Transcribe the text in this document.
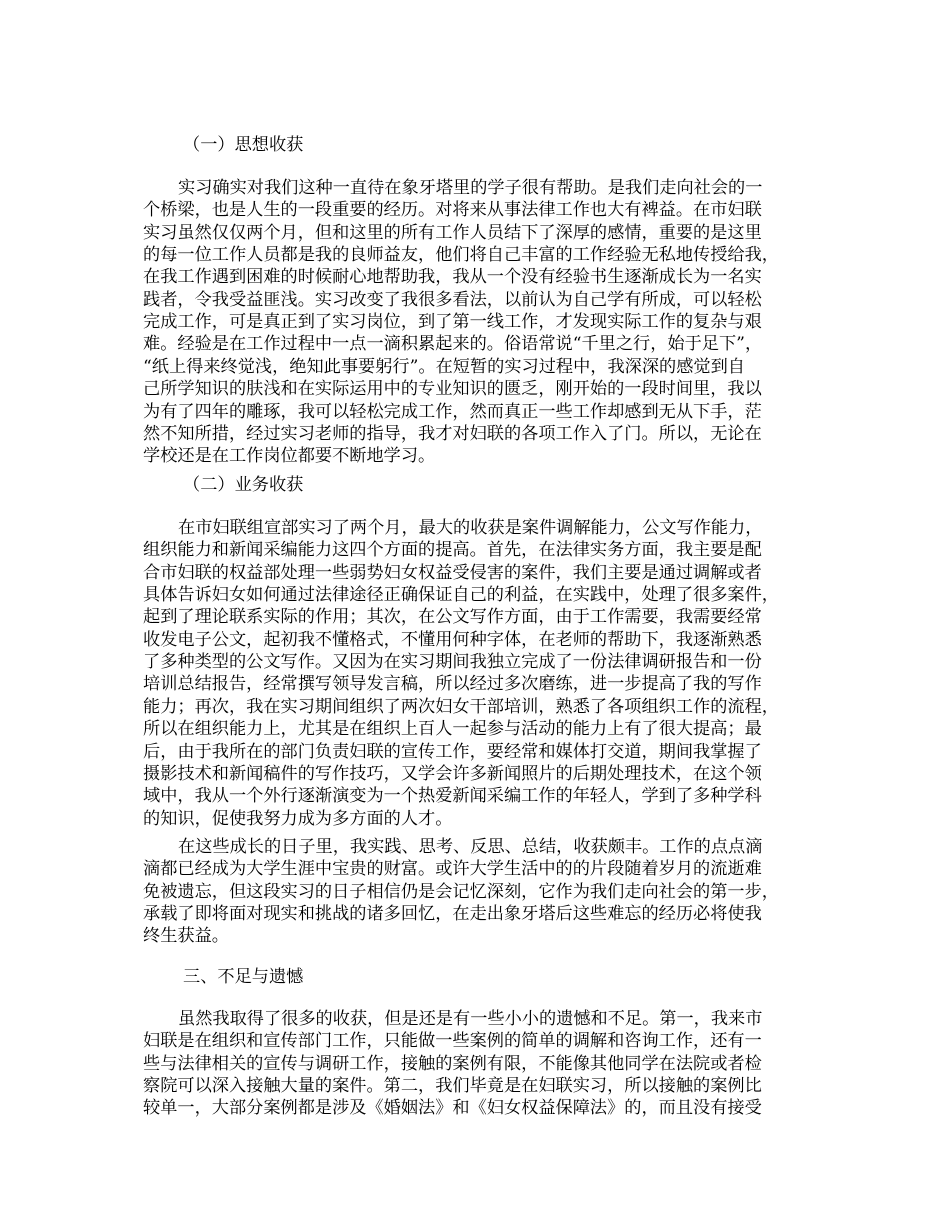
（一）思想收获
实习确实对我们这种一直待在象牙塔里的学子很有帮助。是我们走向社会的一
个桥梁，也是人生的一段重要的经历。对将来从事法律工作也大有裨益。在市妇联
实习虽然仅仅两个月，但和这里的所有工作人员结下了深厚的感情，重要的是这里
的每一位工作人员都是我的良师益友，他们将自己丰富的工作经验无私地传授给我，
在我工作遇到困难的时候耐心地帮助我，我从一个没有经验书生逐渐成长为一名实
践者，令我受益匪浅。实习改变了我很多看法，以前认为自己学有所成，可以轻松
完成工作，可是真正到了实习岗位，到了第一线工作，才发现实际工作的复杂与艰
难。经验是在工作过程中一点一滴积累起来的。俗语常说“千里之行，始于足下”，
“纸上得来终觉浅，绝知此事要躬行”。在短暂的实习过程中，我深深的感觉到自
己所学知识的肤浅和在实际运用中的专业知识的匮乏，刚开始的一段时间里，我以
为有了四年的雕琢，我可以轻松完成工作，然而真正一些工作却感到无从下手，茫
然不知所措，经过实习老师的指导，我才对妇联的各项工作入了门。所以，无论在
学校还是在工作岗位都要不断地学习。
（二）业务收获
在市妇联组宣部实习了两个月，最大的收获是案件调解能力，公文写作能力，
组织能力和新闻采编能力这四个方面的提高。首先，在法律实务方面，我主要是配
合市妇联的权益部处理一些弱势妇女权益受侵害的案件，我们主要是通过调解或者
具体告诉妇女如何通过法律途径正确保证自己的利益，在实践中，处理了很多案件，
起到了理论联系实际的作用；其次，在公文写作方面，由于工作需要，我需要经常
收发电子公文，起初我不懂格式，不懂用何种字体，在老师的帮助下，我逐渐熟悉
了多种类型的公文写作。又因为在实习期间我独立完成了一份法律调研报告和一份
培训总结报告，经常撰写领导发言稿，所以经过多次磨练，进一步提高了我的写作
能力；再次，我在实习期间组织了两次妇女干部培训，熟悉了各项组织工作的流程，
所以在组织能力上，尤其是在组织上百人一起参与活动的能力上有了很大提高；最
后，由于我所在的部门负责妇联的宣传工作，要经常和媒体打交道，期间我掌握了
摄影技术和新闻稿件的写作技巧，又学会许多新闻照片的后期处理技术，在这个领
域中，我从一个外行逐渐演变为一个热爱新闻采编工作的年轻人，学到了多种学科
的知识，促使我努力成为多方面的人才。
在这些成长的日子里，我实践、思考、反思、总结，收获颇丰。工作的点点滴
滴都已经成为大学生涯中宝贵的财富。或许大学生活中的的片段随着岁月的流逝难
免被遗忘，但这段实习的日子相信仍是会记忆深刻，它作为我们走向社会的第一步，
承载了即将面对现实和挑战的诸多回忆，在走出象牙塔后这些难忘的经历必将使我
终生获益。
三、不足与遗憾
虽然我取得了很多的收获，但是还是有一些小小的遗憾和不足。第一，我来市
妇联是在组织和宣传部门工作，只能做一些案例的简单的调解和咨询工作，还有一
些与法律相关的宣传与调研工作，接触的案例有限，不能像其他同学在法院或者检
察院可以深入接触大量的案件。第二，我们毕竟是在妇联实习，所以接触的案例比
较单一，大部分案例都是涉及《婚姻法》和《妇女权益保障法》的，而且没有接受
